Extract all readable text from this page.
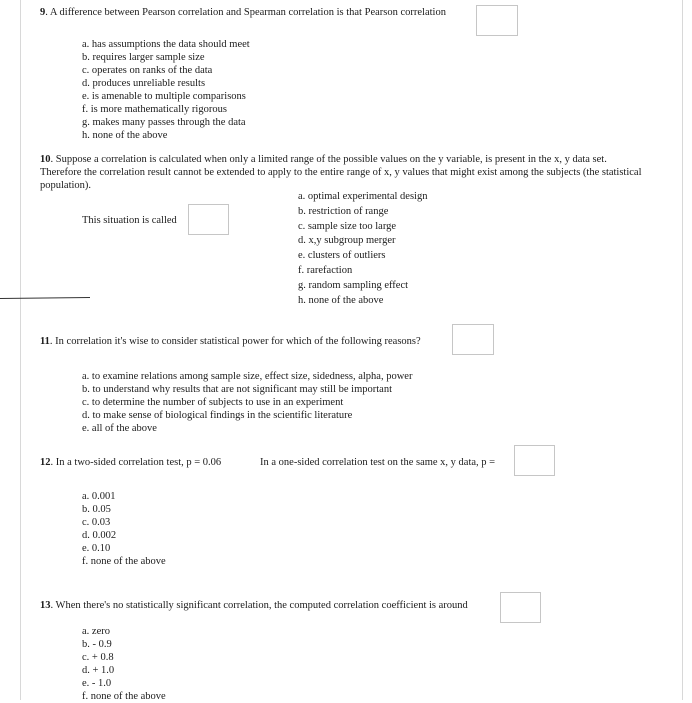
9. A difference between Pearson correlation and Spearman correlation is that Pearson correlation
a. has assumptions the data should meet
b. requires larger sample size
c. operates on ranks of the data
d. produces unreliable results
e. is amenable to multiple comparisons
f. is more mathematically rigorous
g. makes many passes through the data
h. none of the above
10. Suppose a correlation is calculated when only a limited range of the possible values on the y variable, is present in the x, y data set. Therefore the correlation result cannot be extended to apply to the entire range of x, y values that might exist among the subjects (the statistical population).
This situation is called
a. optimal experimental design
b. restriction of range
c. sample size too large
d. x,y subgroup merger
e. clusters of outliers
f. rarefaction
g. random sampling effect
h. none of the above
11. In correlation it's wise to consider statistical power for which of the following reasons?
a. to examine relations among sample size, effect size, sidedness, alpha, power
b. to understand why results that are not significant may still be important
c. to determine the number of subjects to use in an experiment
d. to make sense of biological findings in the scientific literature
e. all of the above
12. In a two-sided correlation test, p = 0.06	In a one-sided correlation test on the same x, y data, p =
a. 0.001
b. 0.05
c. 0.03
d. 0.002
e. 0.10
f. none of the above
13. When there's no statistically significant correlation, the computed correlation coefficient is around
a. zero
b. - 0.9
c. + 0.8
d. + 1.0
e. - 1.0
f. none of the above
